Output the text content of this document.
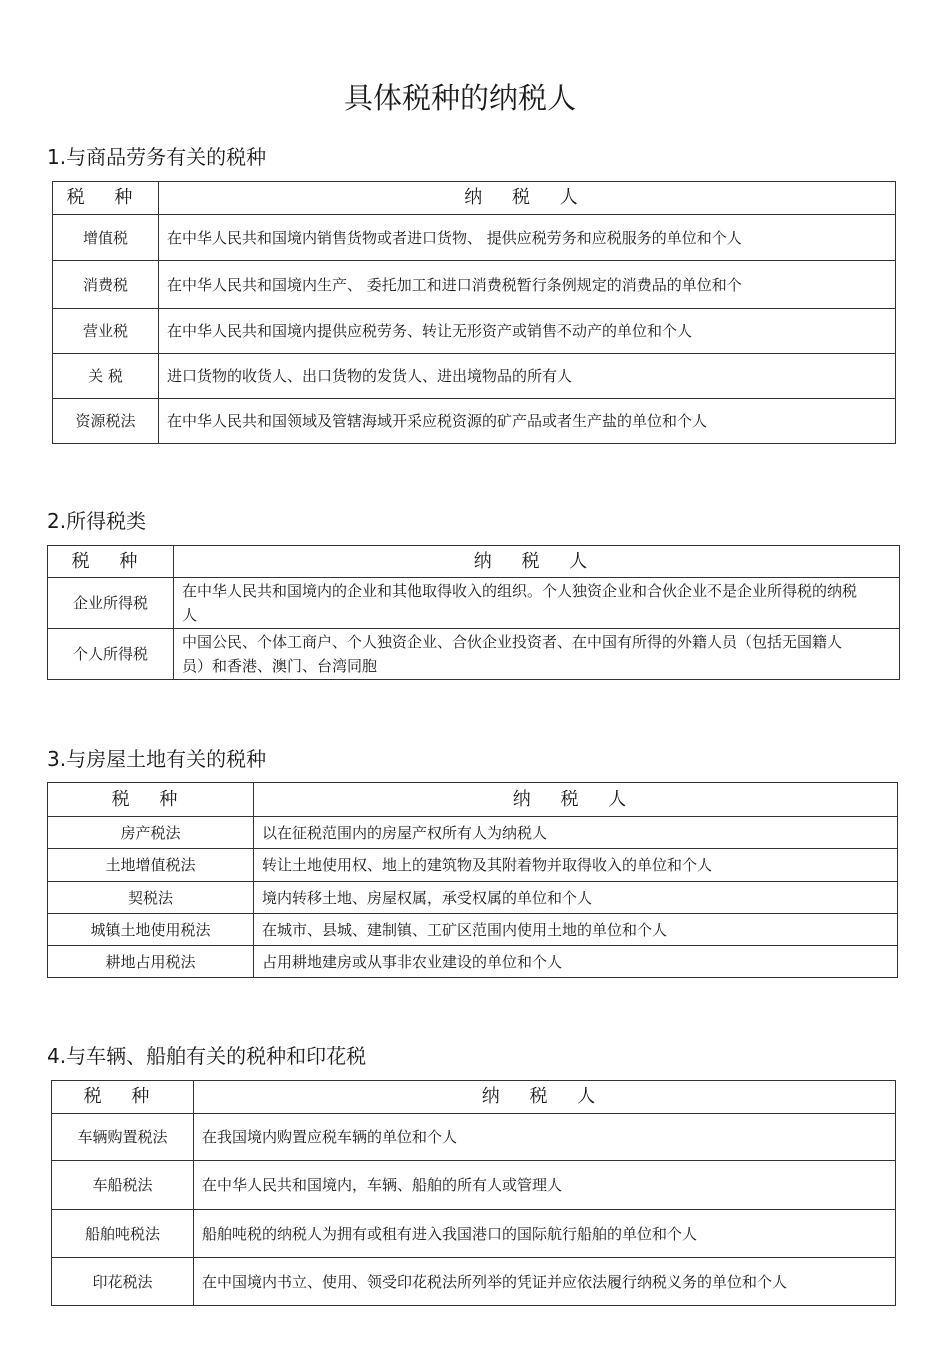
具体税种的纳税人
1.与商品劳务有关的税种
税 种	纳 税 人
增值税	在中华人民共和国境内销售货物或者进口货物、 提供应税劳务和应税服务的单位和个人
消费税	在中华人民共和国境内生产、 委托加工和进口消费税暂行条例规定的消费品的单位和个
营业税	在中华人民共和国境内提供应税劳务、转让无形资产或销售不动产的单位和个人
关 税	进口货物的收货人、出口货物的发货人、进出境物品的所有人
资源税法	在中华人民共和国领域及管辖海域开采应税资源的矿产品或者生产盐的单位和个人
2.所得税类
税 种	纳 税 人
企业所得税	在中华人民共和国境内的企业和其他取得收入的组织。个人独资企业和合伙企业不是企业所得税的纳税人
个人所得税	中国公民、个体工商户、个人独资企业、合伙企业投资者、在中国有所得的外籍人员（包括无国籍人员）和香港、澳门、台湾同胞
3.与房屋土地有关的税种
税 种	纳 税 人
房产税法	以在征税范围内的房屋产权所有人为纳税人
土地增值税法	转让土地使用权、地上的建筑物及其附着物并取得收入的单位和个人
契税法	境内转移土地、房屋权属，承受权属的单位和个人
城镇土地使用税法	在城市、县城、建制镇、工矿区范围内使用土地的单位和个人
耕地占用税法	占用耕地建房或从事非农业建设的单位和个人
4.与车辆、船舶有关的税种和印花税
税 种	纳 税 人
车辆购置税法	在我国境内购置应税车辆的单位和个人
车船税法	在中华人民共和国境内，车辆、船舶的所有人或管理人
船舶吨税法	船舶吨税的纳税人为拥有或租有进入我国港口的国际航行船舶的单位和个人
印花税法	在中国境内书立、使用、领受印花税法所列举的凭证并应依法履行纳税义务的单位和个人
